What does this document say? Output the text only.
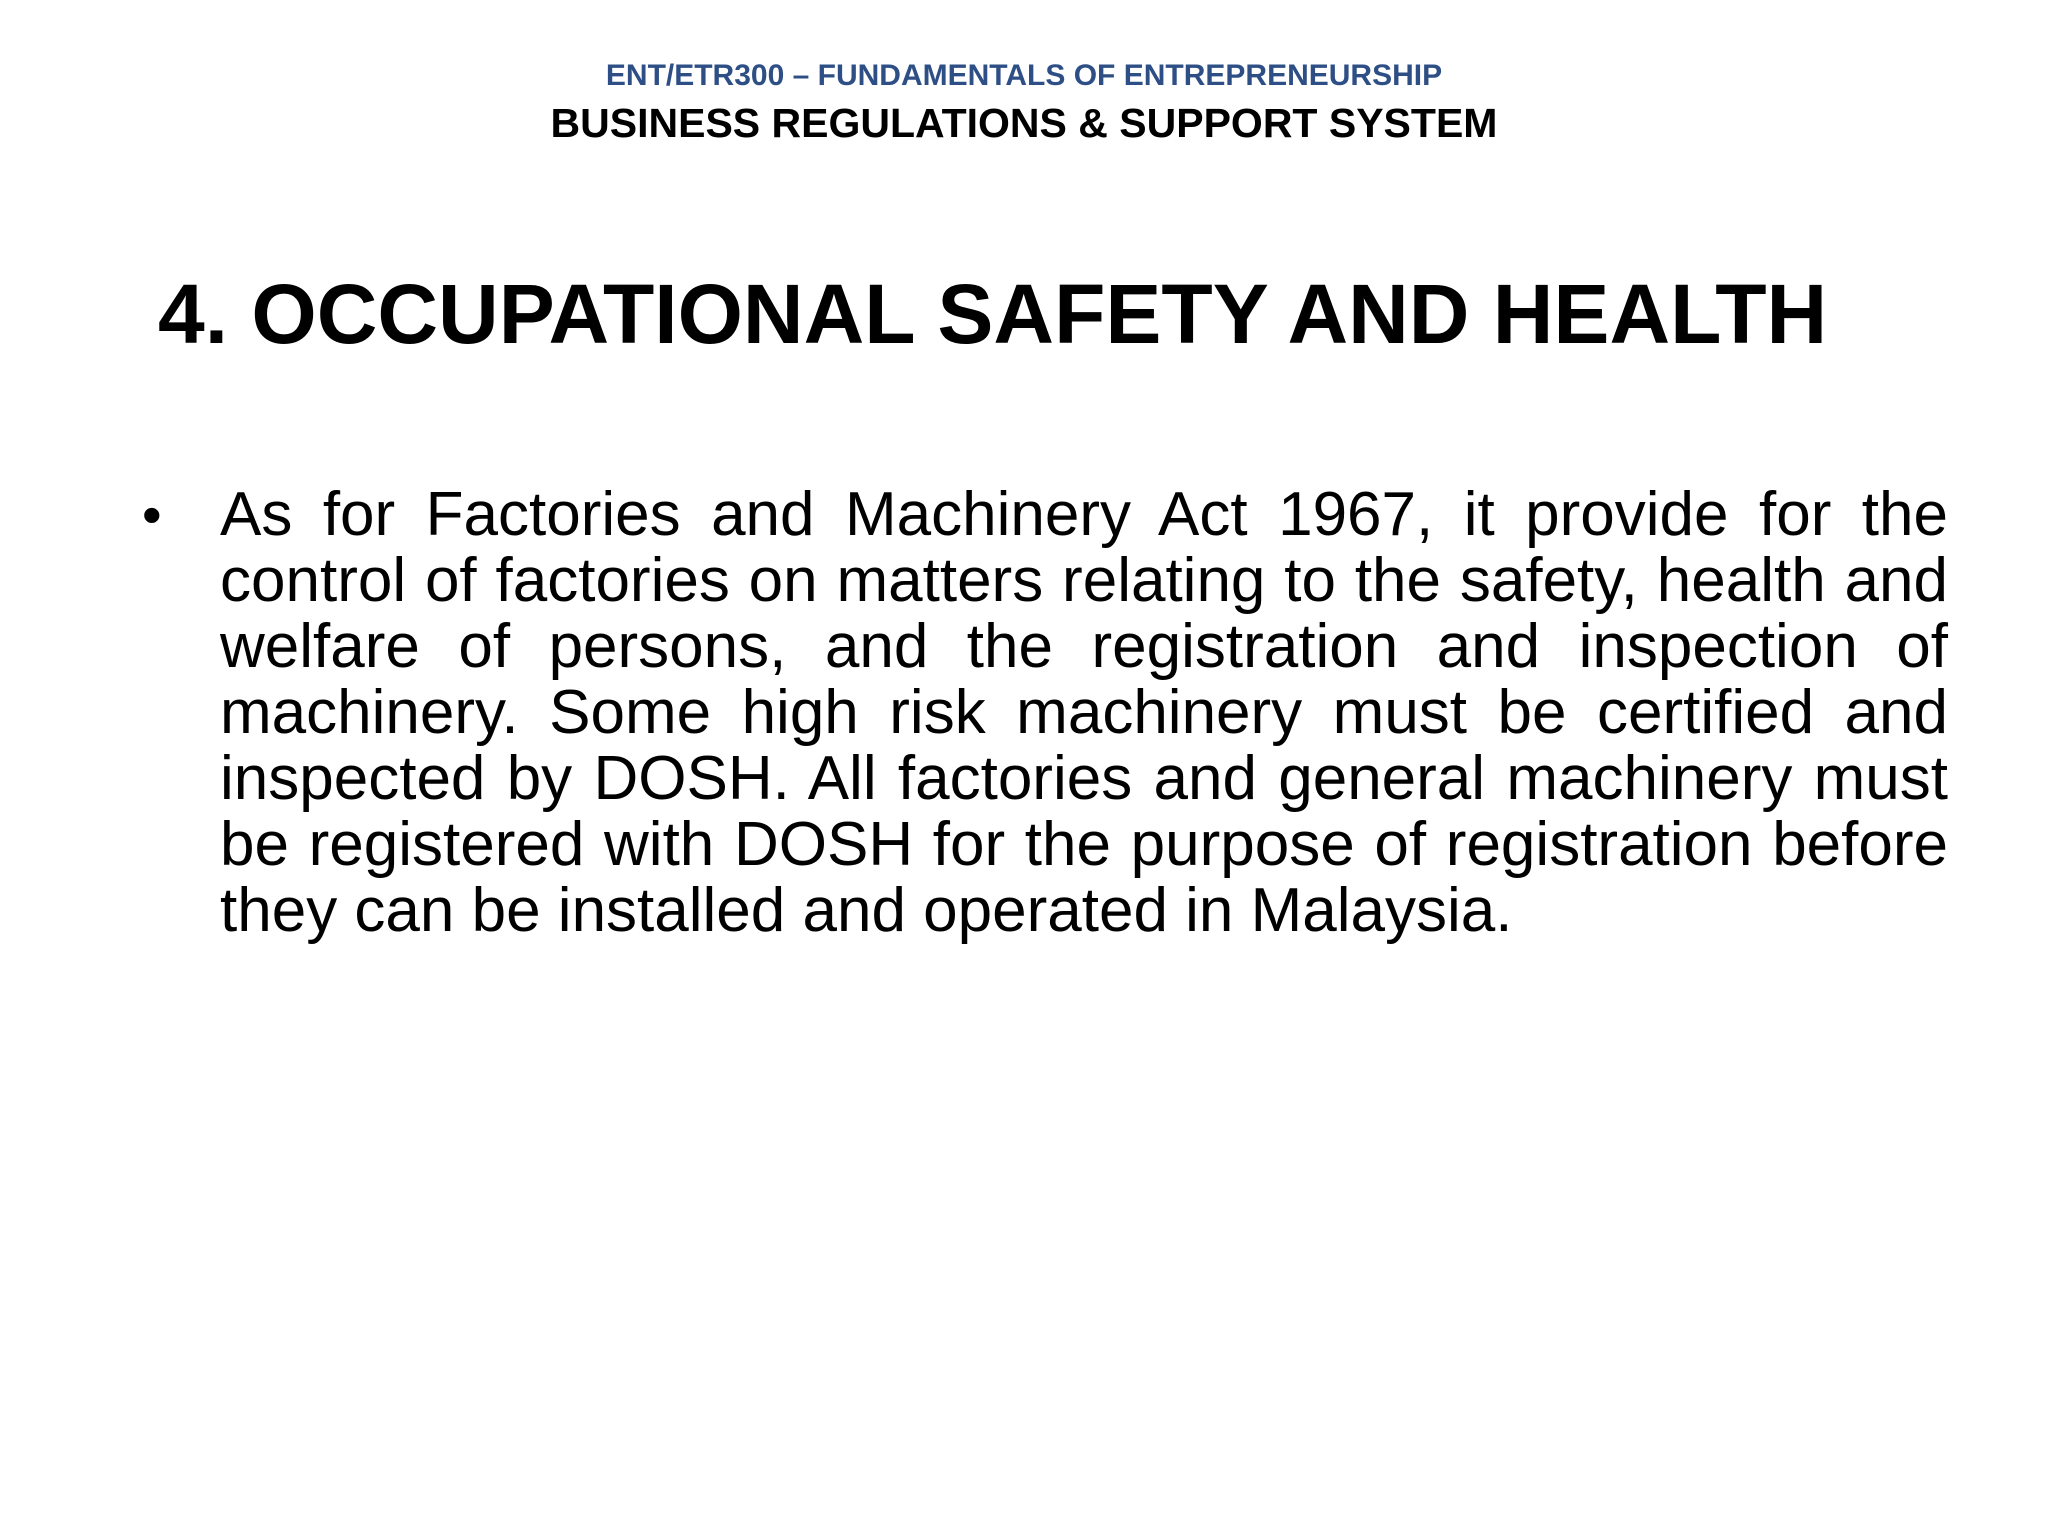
ENT/ETR300 – FUNDAMENTALS OF ENTREPRENEURSHIP
BUSINESS REGULATIONS & SUPPORT SYSTEM
4. OCCUPATIONAL SAFETY AND HEALTH
• As for Factories and Machinery Act 1967, it provide for the control of factories on matters relating to the safety, health and welfare of persons, and the registration and inspection of machinery. Some high risk machinery must be certified and inspected by DOSH. All factories and general machinery must be registered with DOSH for the purpose of registration before they can be installed and operated in Malaysia.
